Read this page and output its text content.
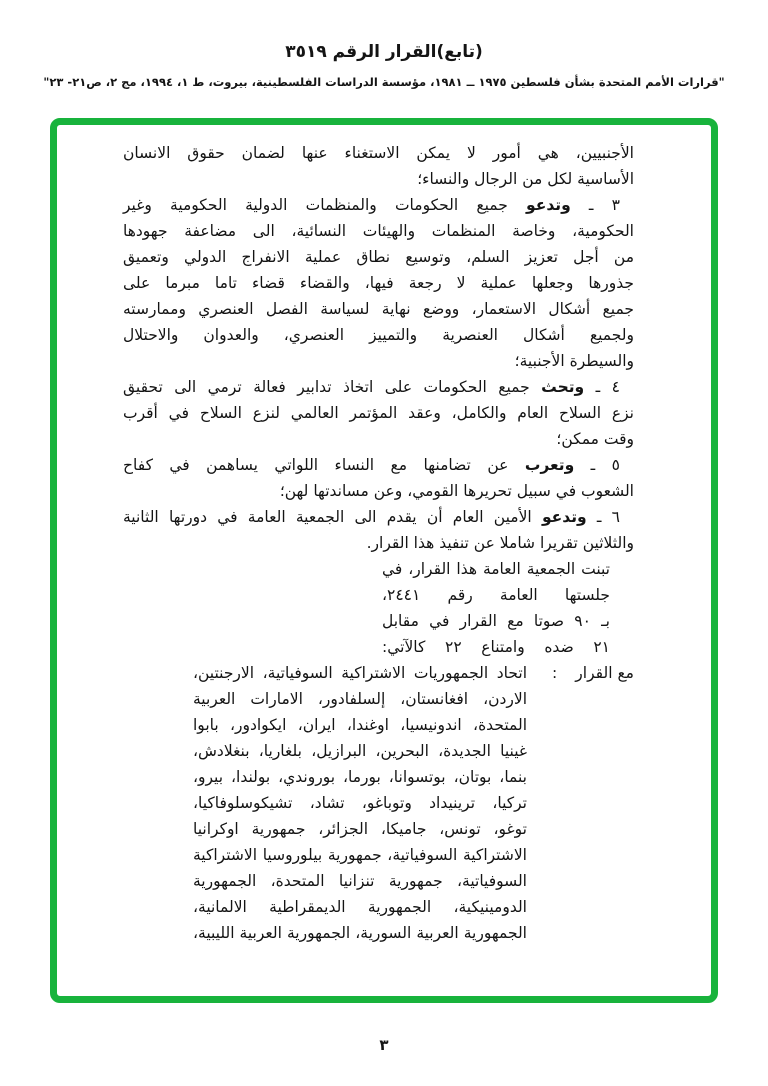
(تابع)القرار الرقم ٣٥١٩
"قرارات الأمم المتحدة بشأن فلسطين ١٩٧٥ ــ ١٩٨١، مؤسسة الدراسات الفلسطينية، بيروت، ط ١، ١٩٩٤، مج ٢، ص٢١- ٢٣"
الأجنبيين، هي أمور لا يمكن الاستغناء عنها لضمان حقوق الانسان
الأساسية لكل من الرجال والنساء؛
٣ ـ وتدعو جميع الحكومات والمنظمات الدولية الحكومية وغير
الحكومية، وخاصة المنظمات والهيئات النسائية، الى مضاعفة جهودها
من أجل تعزيز السلم، وتوسيع نطاق عملية الانفراج الدولي وتعميق
جذورها وجعلها عملية لا رجعة فيها، والقضاء قضاء تاما مبرما على
جميع أشكال الاستعمار، ووضع نهاية لسياسة الفصل العنصري وممارسته
ولجميع أشكال العنصرية والتمييز العنصري، والعدوان والاحتلال
والسيطرة الأجنبية؛
٤ ـ وتحث جميع الحكومات على اتخاذ تدابير فعالة ترمي الى تحقيق
نزع السلاح العام والكامل، وعقد المؤتمر العالمي لنزع السلاح في أقرب
وقت ممكن؛
٥ ـ وتعرب عن تضامنها مع النساء اللواتي يساهمن في كفاح
الشعوب في سبيل تحريرها القومي، وعن مساندتها لهن؛
٦ ـ وتدعو الأمين العام أن يقدم الى الجمعية العامة في دورتها الثانية
والثلاثين تقريرا شاملا عن تنفيذ هذا القرار.
تبنت الجمعية العامة هذا القرار، في
جلستها العامة رقم ٢٤٤١،
بـ ٩٠ صوتا مع القرار في مقابل
٢١ ضده وامتناع ٢٢ كالآتي:
مع القرار
:
اتحاد الجمهوريات الاشتراكية السوفياتية، الارجنتين،
الاردن، افغانستان، إلسلفادور، الامارات العربية
المتحدة، اندونيسيا، اوغندا، ايران، ايكوادور، بابوا
غينيا الجديدة، البحرين، البرازيل، بلغاريا، بنغلادش،
بنما، بوتان، بوتسوانا، بورما، بوروندي، بولندا، بيرو،
تركيا، ترينيداد وتوباغو، تشاد، تشيكوسلوفاكيا،
توغو، تونس، جاميكا، الجزائر، جمهورية اوكرانيا
الاشتراكية السوفياتية، جمهورية بيلوروسيا الاشتراكية
السوفياتية، جمهورية تنزانيا المتحدة، الجمهورية
الدومينيكية، الجمهورية الديمقراطية الالمانية،
الجمهورية العربية السورية، الجمهورية العربية الليبية،
٣
